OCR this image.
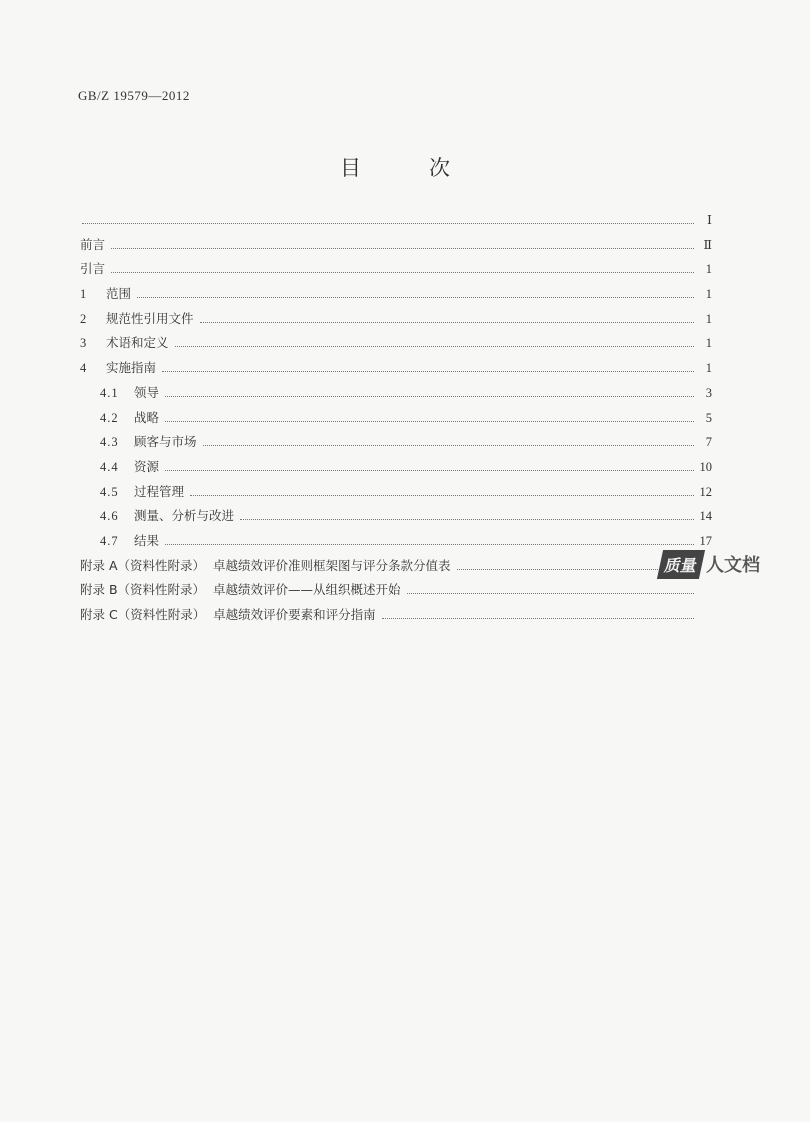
GB/Z 19579—2012
目	次
Ⅰ
前言	Ⅱ
引言	1
1 范围	1
2 规范性引用文件	1
3 术语和定义	1
4 实施指南	1
4.1 领导	3
4.2 战略	5
4.3 顾客与市场	7
4.4 资源	10
4.5 过程管理	12
4.6 测量、分析与改进	14
4.7 结果	17
附录 A（资料性附录） 卓越绩效评价准则框架图与评分条款分值表
附录 B（资料性附录） 卓越绩效评价——从组织概述开始
附录 C（资料性附录） 卓越绩效评价要素和评分指南
质量 人文档
